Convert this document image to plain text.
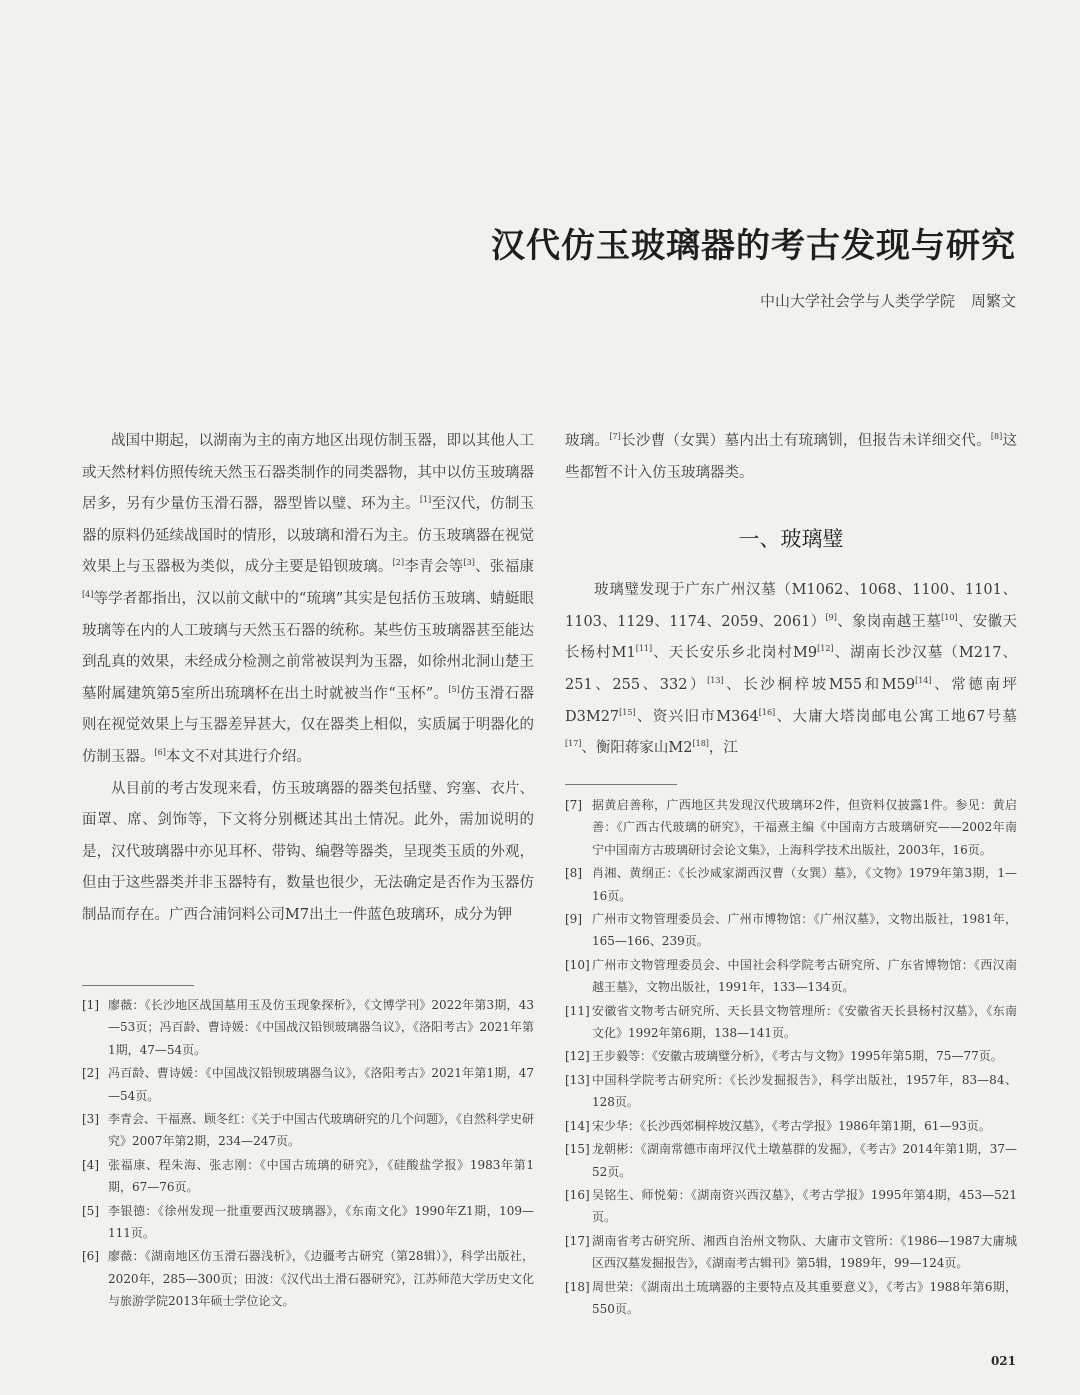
汉代仿玉玻璃器的考古发现与研究
中山大学社会学与人类学学院 周繁文

战国中期起，以湖南为主的南方地区出现仿制玉器，即以其他人工或天然材料仿照传统天然玉石器类制作的同类器物，其中以仿玉玻璃器居多，另有少量仿玉滑石器，器型皆以璧、环为主。[1]至汉代，仿制玉器的原料仍延续战国时的情形，以玻璃和滑石为主。仿玉玻璃器在视觉效果上与玉器极为类似，成分主要是铅钡玻璃。[2]李青会等[3]、张福康[4]等学者都指出，汉以前文献中的“琉璃”其实是包括仿玉玻璃、蜻蜓眼玻璃等在内的人工玻璃与天然玉石器的统称。某些仿玉玻璃器甚至能达到乱真的效果，未经成分检测之前常被误判为玉器，如徐州北洞山楚王墓附属建筑第5室所出琉璃杯在出土时就被当作“玉杯”。[5]仿玉滑石器则在视觉效果上与玉器差异甚大，仅在器类上相似，实质属于明器化的仿制玉器。[6]本文不对其进行介绍。

从目前的考古发现来看，仿玉玻璃器的器类包括璧、窍塞、衣片、面罩、席、剑饰等，下文将分别概述其出土情况。此外，需加说明的是，汉代玻璃器中亦见耳杯、带钩、编磬等器类，呈现类玉质的外观，但由于这些器类并非玉器特有，数量也很少，无法确定是否作为玉器仿制品而存在。广西合浦饲料公司M7出土一件蓝色玻璃环，成分为钾

玻璃。[7]长沙曹（女巽）墓内出土有琉璃钏，但报告未详细交代。[8]这些都暂不计入仿玉玻璃器类。

一、玻璃璧

玻璃璧发现于广东广州汉墓（M1062、1068、1100、1101、1103、1129、1174、2059、2061）[9]、象岗南越王墓[10]、安徽天长杨村M1[11]、天长安乐乡北岗村M9[12]、湖南长沙汉墓（M217、251、255、332）[13]、长沙桐梓坡M55和M59[14]、常德南坪D3M27[15]、资兴旧市M364[16]、大庸大塔岗邮电公寓工地67号墓[17]、衡阳蒋家山M2[18]，江

[1] 廖薇：《长沙地区战国墓用玉及仿玉现象探析》，《文博学刊》2022年第3期，43—53页；冯百龄、曹诗媛：《中国战汉铅钡玻璃器刍议》，《洛阳考古》2021年第1期，47—54页。
[2] 冯百龄、曹诗媛：《中国战汉铅钡玻璃器刍议》，《洛阳考古》2021年第1期，47—54页。
[3] 李青会、干福熹、顾冬红：《关于中国古代玻璃研究的几个问题》，《自然科学史研究》2007年第2期，234—247页。
[4] 张福康、程朱海、张志刚：《中国古琉璃的研究》，《硅酸盐学报》1983年第1期，67—76页。
[5] 李银德：《徐州发现一批重要西汉玻璃器》，《东南文化》1990年Z1期，109—111页。
[6] 廖薇：《湖南地区仿玉滑石器浅析》，《边疆考古研究（第28辑）》，科学出版社，2020年，285—300页；田波：《汉代出土滑石器研究》，江苏师范大学历史文化与旅游学院2013年硕士学位论文。
[7] 据黄启善称，广西地区共发现汉代玻璃环2件，但资料仅披露1件。参见：黄启善：《广西古代玻璃的研究》，干福熹主编《中国南方古玻璃研究——2002年南宁中国南方古玻璃研讨会论文集》，上海科学技术出版社，2003年，16页。
[8] 肖湘、黄纲正：《长沙咸家湖西汉曹（女巽）墓》，《文物》1979年第3期，1—16页。
[9] 广州市文物管理委员会、广州市博物馆：《广州汉墓》，文物出版社，1981年，165—166、239页。
[10] 广州市文物管理委员会、中国社会科学院考古研究所、广东省博物馆：《西汉南越王墓》，文物出版社，1991年，133—134页。
[11] 安徽省文物考古研究所、天长县文物管理所：《安徽省天长县杨村汉墓》，《东南文化》1992年第6期，138—141页。
[12] 王步毅等：《安徽古玻璃璧分析》，《考古与文物》1995年第5期，75—77页。
[13] 中国科学院考古研究所：《长沙发掘报告》，科学出版社，1957年，83—84、128页。
[14] 宋少华：《长沙西郊桐梓坡汉墓》，《考古学报》1986年第1期，61—93页。
[15] 龙朝彬：《湖南常德市南坪汉代土墩墓群的发掘》，《考古》2014年第1期，37—52页。
[16] 吴铭生、师悦菊：《湖南资兴西汉墓》，《考古学报》1995年第4期，453—521页。
[17] 湖南省考古研究所、湘西自治州文物队、大庸市文管所：《1986—1987大庸城区西汉墓发掘报告》，《湖南考古辑刊》第5辑，1989年，99—124页。
[18] 周世荣：《湖南出土琉璃器的主要特点及其重要意义》，《考古》1988年第6期，550页。
021
